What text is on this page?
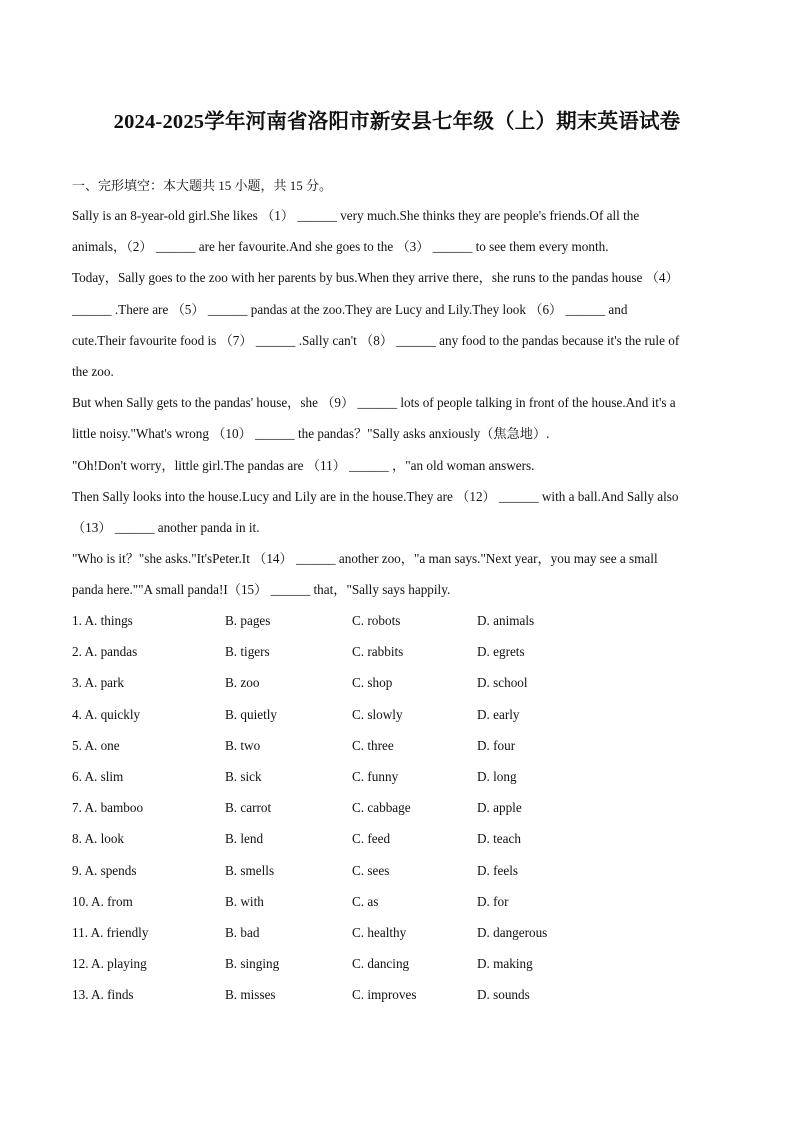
2024-2025学年河南省洛阳市新安县七年级（上）期末英语试卷
一、完形填空：本大题共 15 小题，共 15 分。

Sally is an 8-year-old girl.She likes （1） ______ very much.She thinks they are people's friends.Of all the

animals，（2） ______ are her favourite.And she goes to the （3） ______ to see them every month.

Today，Sally goes to the zoo with her parents by bus.When they arrive there，she runs to the pandas house （4）

______ .There are （5） ______ pandas at the zoo.They are Lucy and Lily.They look （6） ______ and

cute.Their favourite food is （7） ______ .Sally can't （8） ______ any food to the pandas because it's the rule of

the zoo.

But when Sally gets to the pandas' house，she （9） ______ lots of people talking in front of the house.And it's a

little noisy."What's wrong （10） ______ the pandas？"Sally asks anxiously（焦急地）.

"Oh!Don't worry，little girl.The pandas are （11） ______ ，"an old woman answers.

Then Sally looks into the house.Lucy and Lily are in the house.They are （12） ______ with a ball.And Sally also

（13） ______ another panda in it.

"Who is it？"she asks."It'sPeter.It （14） ______ another zoo，"a man says."Next year，you may see a small

panda here.""A small panda!I（15） ______ that，"Sally says happily.

1. A. things	B. pages	C. robots	D. animals
2. A. pandas	B. tigers	C. rabbits	D. egrets
3. A. park	B. zoo	C. shop	D. school
4. A. quickly	B. quietly	C. slowly	D. early
5. A. one	B. two	C. three	D. four
6. A. slim	B. sick	C. funny	D. long
7. A. bamboo	B. carrot	C. cabbage	D. apple
8. A. look	B. lend	C. feed	D. teach
9. A. spends	B. smells	C. sees	D. feels
10. A. from	B. with	C. as	D. for
11. A. friendly	B. bad	C. healthy	D. dangerous
12. A. playing	B. singing	C. dancing	D. making
13. A. finds	B. misses	C. improves	D. sounds
